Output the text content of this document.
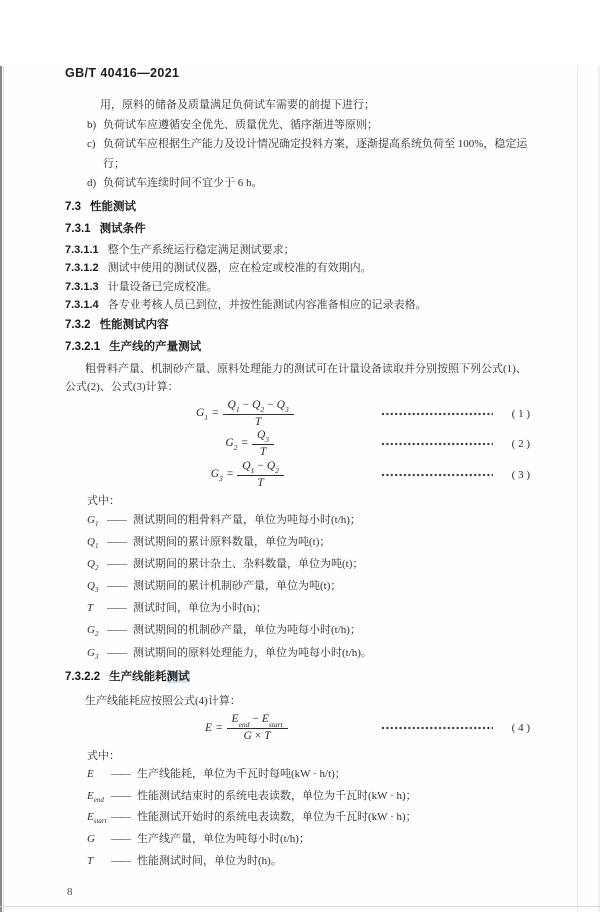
GB/T 40416—2021
用，原料的储备及质量满足负荷试车需要的前提下进行；
b) 负荷试车应遵循安全优先、质量优先、循序渐进等原则；
c) 负荷试车应根据生产能力及设计情况确定投料方案，逐渐提高系统负荷至 100%，稳定运行；
d) 负荷试车连续时间不宜少于 6 h。
7.3 性能测试
7.3.1 测试条件
7.3.1.1 整个生产系统运行稳定满足测试要求；
7.3.1.2 测试中使用的测试仪器，应在检定或校准的有效期内。
7.3.1.3 计量设备已完成校准。
7.3.1.4 各专业考核人员已到位，并按性能测试内容准备相应的记录表格。
7.3.2 性能测试内容
7.3.2.1 生产线的产量测试
粗骨料产量、机制砂产量、原料处理能力的测试可在计量设备读取并分别按照下列公式(1)、公式(2)、公式(3)计算：
$G_1 = \frac{Q_1 - Q_2 - Q_3}{T}$	( 1 )
$G_2 = \frac{Q_3}{T}$	( 2 )
$G_3 = \frac{Q_1 - Q_2}{T}$	( 3 )
式中：
$G_1$ —— 测试期间的粗骨料产量，单位为吨每小时(t/h)；
$Q_1$ —— 测试期间的累计原料数量，单位为吨(t)；
$Q_2$ —— 测试期间的累计杂土、杂料数量，单位为吨(t)；
$Q_3$ —— 测试期间的累计机制砂产量，单位为吨(t)；
T	—— 测试时间，单位为小时(h)；
$G_2$ —— 测试期间的机制砂产量，单位为吨每小时(t/h)；
$G_3$ —— 测试期间的原料处理能力，单位为吨每小时(t/h)。
7.3.2.2 生产线能耗测试
生产线能耗应按照公式(4)计算：
$E = \frac{E_{end} - E_{start}}{G \times T}$	( 4 )
式中：
E	—— 生产线能耗，单位为千瓦时每吨(kW · h/t)；
$E_{end}$ —— 性能测试结束时的系统电表读数，单位为千瓦时(kW · h)；
$E_{start}$ —— 性能测试开始时的系统电表读数，单位为千瓦时(kW · h)；
G	—— 生产线产量，单位为吨每小时(t/h)；
T	—— 性能测试时间，单位为时(h)。
8
